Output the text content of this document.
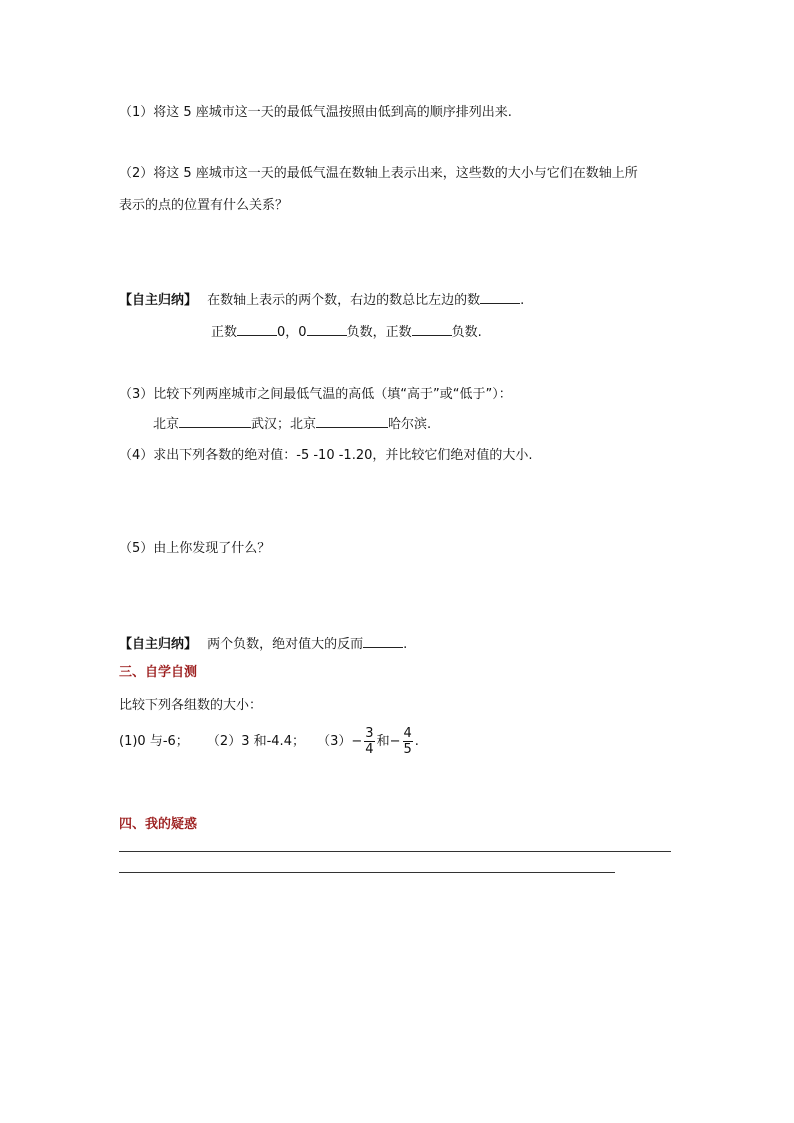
（1）将这 5 座城市这一天的最低气温按照由低到高的顺序排列出来.
（2）将这 5 座城市这一天的最低气温在数轴上表示出来，这些数的大小与它们在数轴上所
表示的点的位置有什么关系？
【自主归纳】 在数轴上表示的两个数，右边的数总比左边的数	.
正数	0，0	负数，正数	负数.
（3）比较下列两座城市之间最低气温的高低（填“高于”或“低于”）：
北京	武汉；北京	哈尔滨.
（4）求出下列各数的绝对值：-5 -10 -1.20，并比较它们绝对值的大小.
（5）由上你发现了什么？
【自主归纳】 两个负数，绝对值大的反而	.
三、自学自测
比较下列各组数的大小：
(1)0 与-6； （2）3 和-4.4； $(3)- \frac{3}{4}$ 和− $\frac{4}{5}$ .
四、我的疑惑
